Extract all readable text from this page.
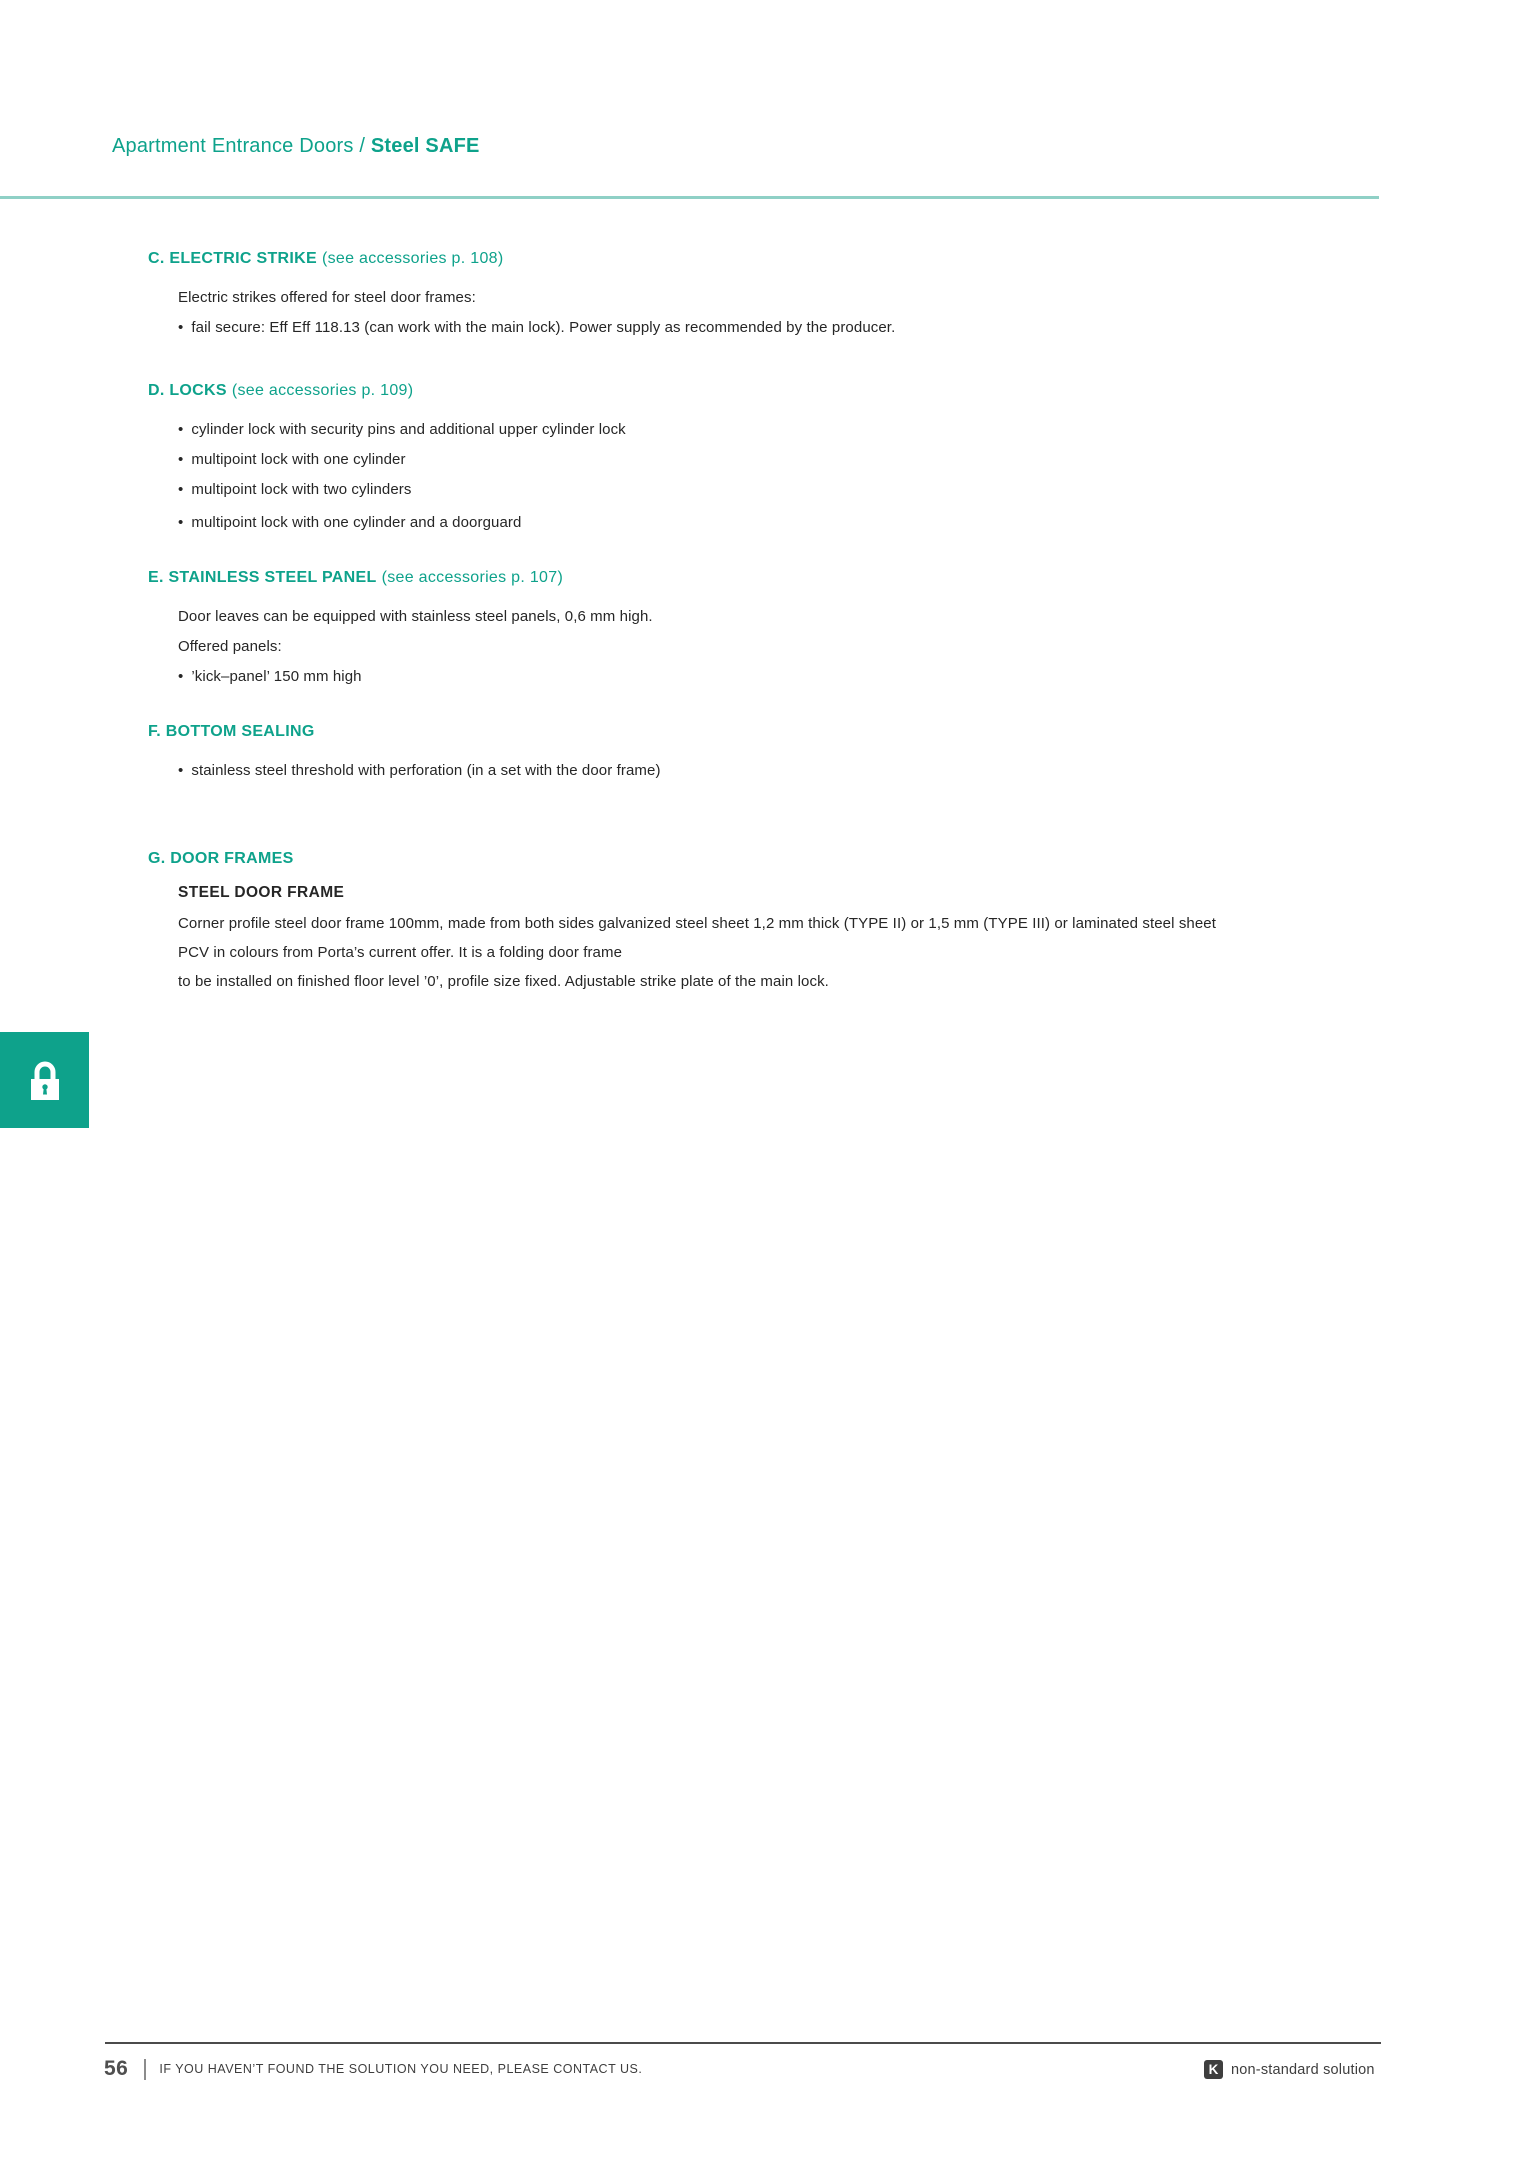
Apartment Entrance Doors / Steel SAFE
C. ELECTRIC STRIKE (see accessories p. 108)

Electric strikes offered for steel door frames:

• fail secure: Eff Eff 118.13 (can work with the main lock). Power supply as recommended by the producer.

D. LOCKS (see accessories p. 109)

• cylinder lock with security pins and additional upper cylinder lock

• multipoint lock with one cylinder

• multipoint lock with two cylinders

• multipoint lock with one cylinder and a doorguard

E. STAINLESS STEEL PANEL (see accessories p. 107)

Door leaves can be equipped with stainless steel panels, 0,6 mm high.

Offered panels:

• ’kick–panel’ 150 mm high

F. BOTTOM SEALING

• stainless steel threshold with perforation (in a set with the door frame)

G. DOOR FRAMES
STEEL DOOR FRAME

Corner profile steel door frame 100mm, made from both sides galvanized steel sheet 1,2 mm thick (TYPE II) or 1,5 mm (TYPE III) or laminated steel sheet

PCV in colours from Porta’s current offer. It is a folding door frame

to be installed on finished floor level ’0’, profile size fixed. Adjustable strike plate of the main lock.

56	IF YOU HAVEN’T FOUND THE SOLUTION YOU NEED, PLEASE CONTACT US.	K non-standard solution
